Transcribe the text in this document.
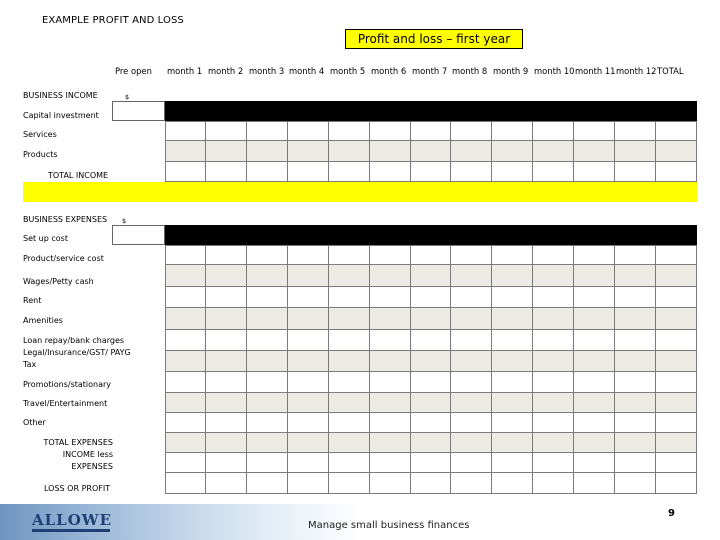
EXAMPLE PROFIT AND LOSS
Profit and loss – first year
Pre open month 1 month 2 month 3 month 4 month 5 month 6 month 7 month 8 month 9 month 10 month 11 month 12 TOTAL
BUSINESS INCOME	$
Capital investment
Services
Products
TOTAL INCOME
BUSINESS EXPENSES $
Set up cost
Product/service cost
Wages/Petty cash
Rent
Amenities
Loan repay/bank charges Legal/Insurance/GST/ PAYG Tax
Promotions/stationary
Travel/Entertainment
Other
TOTAL EXPENSES
INCOME less EXPENSES
LOSS OR PROFIT
ALLOWE	Manage small business finances
9
